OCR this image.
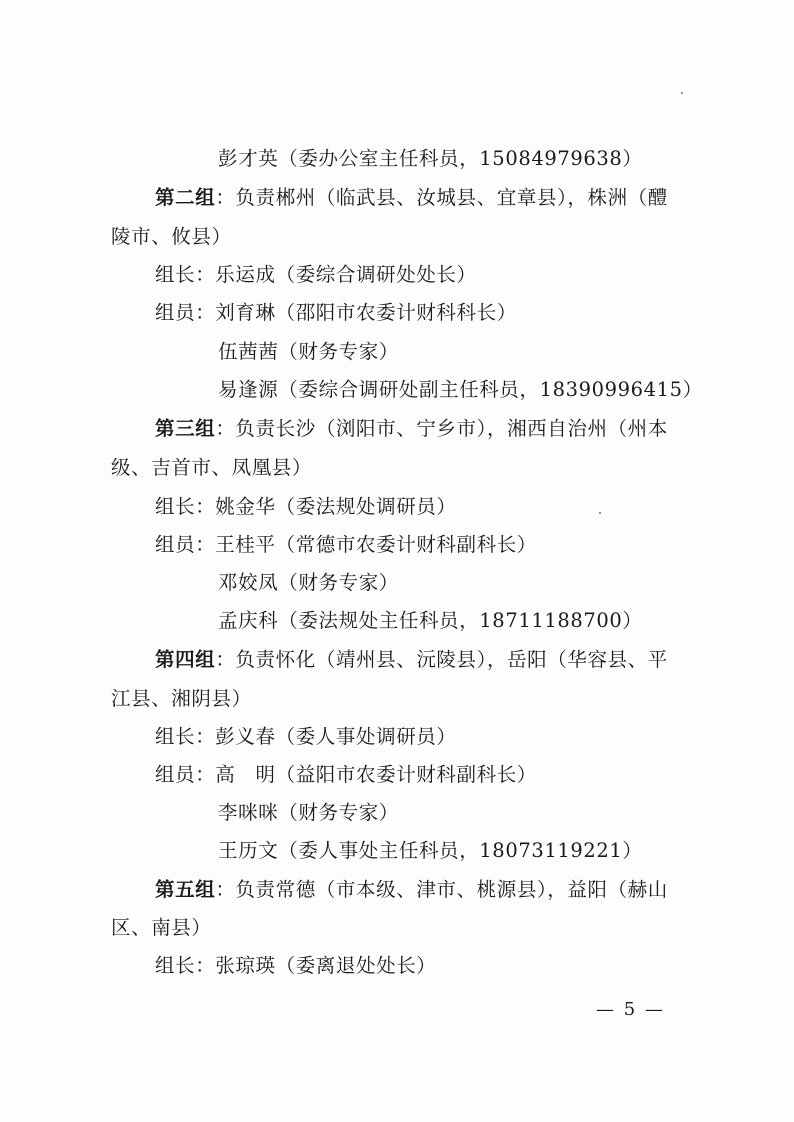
彭才英（委办公室主任科员，15084979638）
第二组：负责郴州（临武县、汝城县、宜章县），株洲（醴
陵市、攸县）
组长：乐运成（委综合调研处处长）
组员：刘育琳（邵阳市农委计财科科长）
伍茜茜（财务专家）
易逢源（委综合调研处副主任科员，18390996415）
第三组：负责长沙（浏阳市、宁乡市），湘西自治州（州本
级、吉首市、凤凰县）
组长：姚金华（委法规处调研员）
组员：王桂平（常德市农委计财科副科长）
邓姣凤（财务专家）
孟庆科（委法规处主任科员，18711188700）
第四组：负责怀化（靖州县、沅陵县），岳阳（华容县、平
江县、湘阴县）
组长：彭义春（委人事处调研员）
组员：高　明（益阳市农委计财科副科长）
李咪咪（财务专家）
王历文（委人事处主任科员，18073119221）
第五组：负责常德（市本级、津市、桃源县），益阳（赫山
区、南县）
组长：张琼瑛（委离退处处长）
— 5 —
